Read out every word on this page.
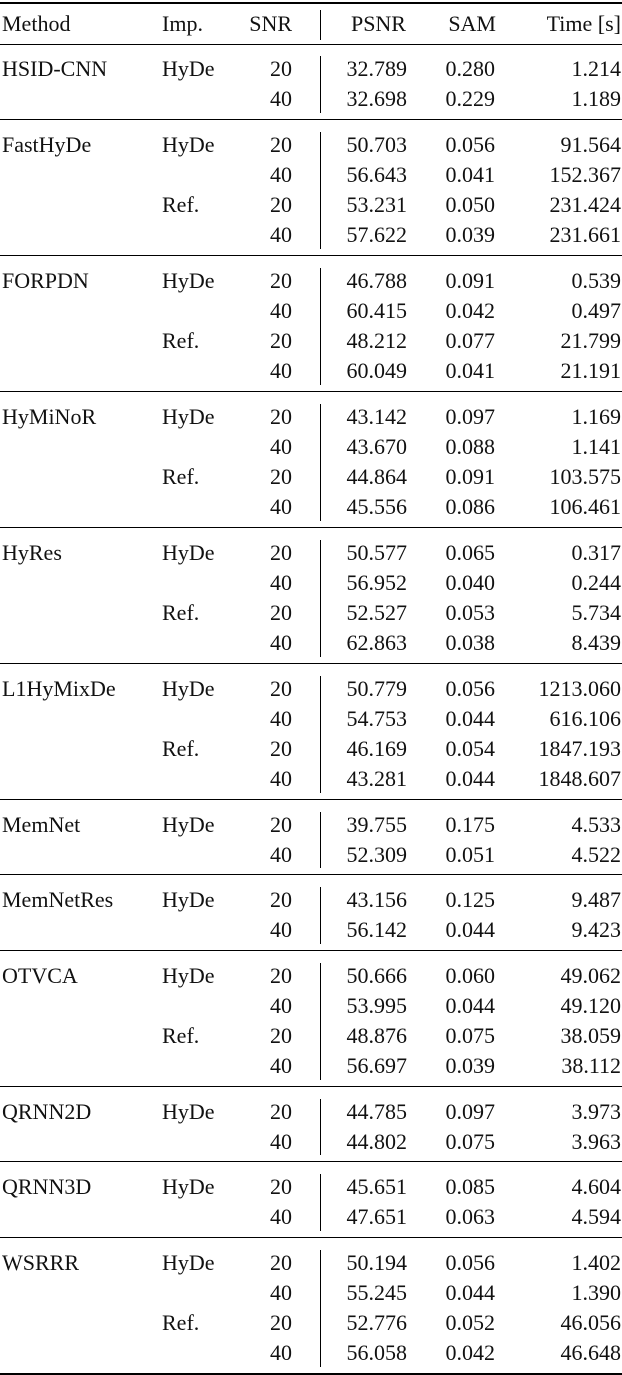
Method	Imp.	SNR	PSNR	SAM	Time [s]
HSID-CNN HyDe	20	32.789	0.280	1.214
40	32.698	0.229	1.189
FastHyDe	HyDe	20	50.703	0.056	91.564
40	56.643	0.041	152.367
Ref.	20	53.231	0.050	231.424
40	57.622	0.039	231.661
FORPDN	HyDe	20	46.788	0.091	0.539
40	60.415	0.042	0.497
Ref.	20	48.212	0.077	21.799
40	60.049	0.041	21.191
HyMiNoR	HyDe	20	43.142	0.097	1.169
40	43.670	0.088	1.141
Ref.	20	44.864	0.091	103.575
40	45.556	0.086	106.461
HyRes	HyDe	20	50.577	0.065	0.317
40	56.952	0.040	0.244
Ref.	20	52.527	0.053	5.734
40	62.863	0.038	8.439
L1HyMixDe HyDe	20	50.779	0.056	1213.060
40	54.753	0.044	616.106
Ref.	20	46.169	0.054	1847.193
40	43.281	0.044	1848.607
MemNet	HyDe	20	39.755	0.175	4.533
40	52.309	0.051	4.522
MemNetRes HyDe	20	43.156	0.125	9.487
40	56.142	0.044	9.423
OTVCA	HyDe	20	50.666	0.060	49.062
40	53.995	0.044	49.120
Ref.	20	48.876	0.075	38.059
40	56.697	0.039	38.112
QRNN2D	HyDe	20	44.785	0.097	3.973
40	44.802	0.075	3.963
QRNN3D	HyDe	20	45.651	0.085	4.604
40	47.651	0.063	4.594
WSRRR	HyDe	20	50.194	0.056	1.402
40	55.245	0.044	1.390
Ref.	20	52.776	0.052	46.056
40	56.058	0.042	46.648
